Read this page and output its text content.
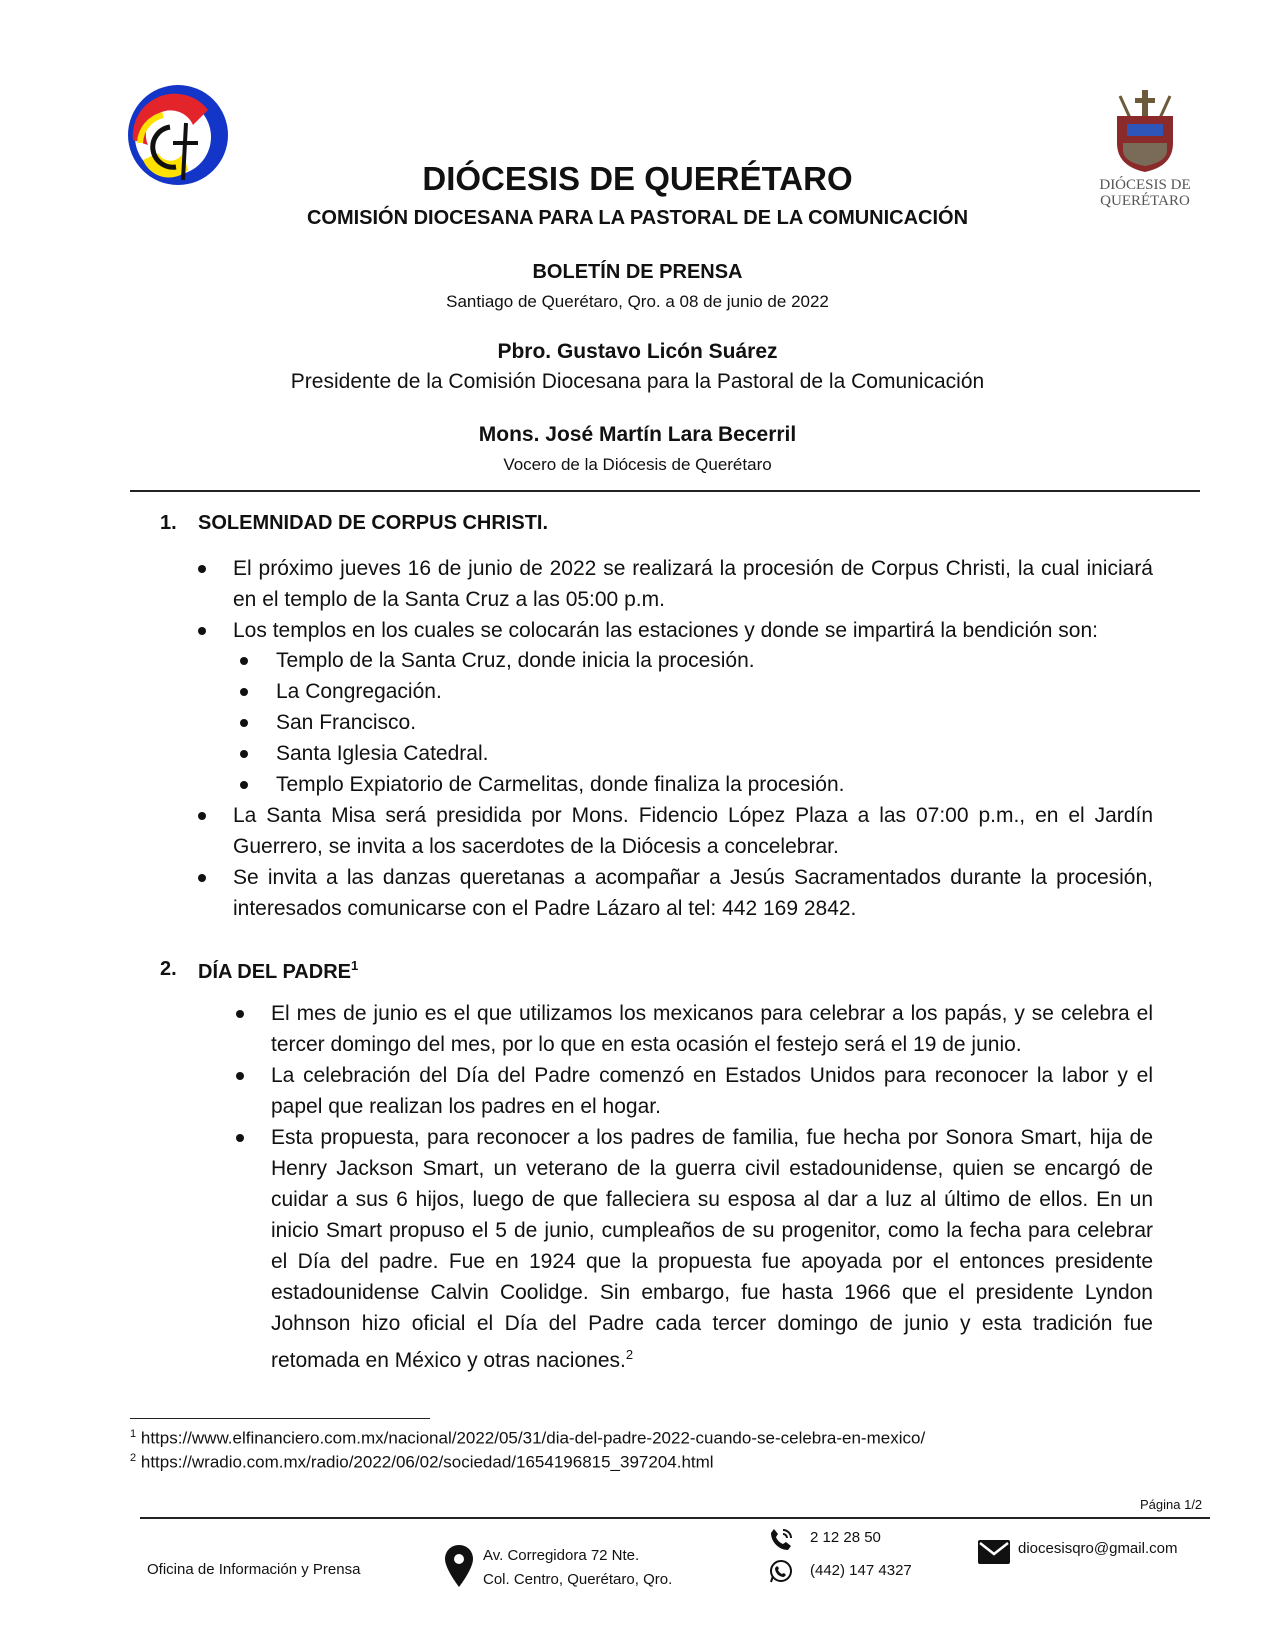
DIÓCESIS DE
QUERÉTARO
DIÓCESIS DE QUERÉTARO
COMISIÓN DIOCESANA PARA LA PASTORAL DE LA COMUNICACIÓN
BOLETÍN DE PRENSA
Santiago de Querétaro, Qro. a 08 de junio de 2022
Pbro. Gustavo Licón Suárez
Presidente de la Comisión Diocesana para la Pastoral de la Comunicación
Mons. José Martín Lara Becerril
Vocero de la Diócesis de Querétaro
1. SOLEMNIDAD DE CORPUS CHRISTI.
El próximo jueves 16 de junio de 2022 se realizará la procesión de Corpus Christi, la cual iniciará en el templo de la Santa Cruz a las 05:00 p.m.
Los templos en los cuales se colocarán las estaciones y donde se impartirá la bendición son:
Templo de la Santa Cruz, donde inicia la procesión.
La Congregación.
San Francisco.
Santa Iglesia Catedral.
Templo Expiatorio de Carmelitas, donde finaliza la procesión.
La Santa Misa será presidida por Mons. Fidencio López Plaza a las 07:00 p.m., en el Jardín Guerrero, se invita a los sacerdotes de la Diócesis a concelebrar.
Se invita a las danzas queretanas a acompañar a Jesús Sacramentados durante la procesión, interesados comunicarse con el Padre Lázaro al tel: 442 169 2842.
2. DÍA DEL PADRE$^1$
El mes de junio es el que utilizamos los mexicanos para celebrar a los papás, y se celebra el tercer domingo del mes, por lo que en esta ocasión el festejo será el 19 de junio.
La celebración del Día del Padre comenzó en Estados Unidos para reconocer la labor y el papel que realizan los padres en el hogar.
Esta propuesta, para reconocer a los padres de familia, fue hecha por Sonora Smart, hija de Henry Jackson Smart, un veterano de la guerra civil estadounidense, quien se encargó de cuidar a sus 6 hijos, luego de que falleciera su esposa al dar a luz al último de ellos. En un inicio Smart propuso el 5 de junio, cumpleaños de su progenitor, como la fecha para celebrar el Día del padre. Fue en 1924 que la propuesta fue apoyada por el entonces presidente estadounidense Calvin Coolidge. Sin embargo, fue hasta 1966 que el presidente Lyndon Johnson hizo oficial el Día del Padre cada tercer domingo de junio y esta tradición fue retomada en México y otras naciones.$^2$
$^1$ https://www.elfinanciero.com.mx/nacional/2022/05/31/dia-del-padre-2022-cuando-se-celebra-en-mexico/
$^2$ https://wradio.com.mx/radio/2022/06/02/sociedad/1654196815_397204.html
Página 1/2
Oficina de Información y Prensa
Av. Corregidora 72 Nte.
Col. Centro, Querétaro, Qro.
2 12 28 50
(442) 147 4327
diocesisqro@gmail.com
